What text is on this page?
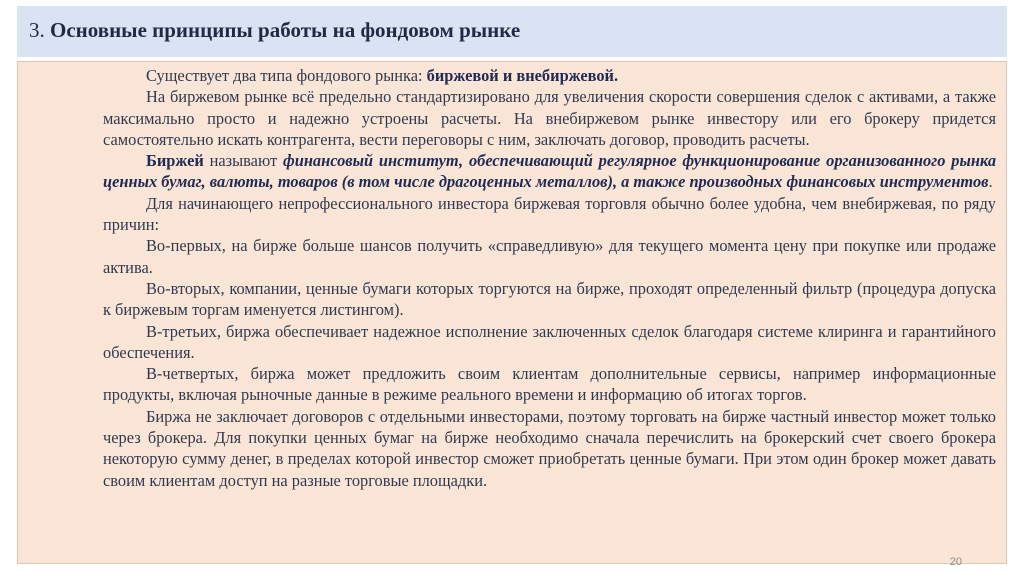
3. Основные принципы работы на фондовом рынке

Существует два типа фондового рынка: биржевой и внебиржевой.

На биржевом рынке всё предельно стандартизировано для увеличения скорости совершения сделок с активами, а также максимально просто и надежно устроены расчеты. На внебиржевом рынке инвестору или его брокеру придется самостоятельно искать контрагента, вести переговоры с ним, заключать договор, проводить расчеты.

Биржей называют финансовый институт, обеспечивающий регулярное функционирование организованного рынка ценных бумаг, валюты, товаров (в том числе драгоценных металлов), а также производных финансовых инструментов.

Для начинающего непрофессионального инвестора биржевая торговля обычно более удобна, чем внебиржевая, по ряду причин:

Во-первых, на бирже больше шансов получить «справедливую» для текущего момента цену при покупке или продаже актива.

Во-вторых, компании, ценные бумаги которых торгуются на бирже, проходят определенный фильтр (процедура допуска к биржевым торгам именуется листингом).

В-третьих, биржа обеспечивает надежное исполнение заключенных сделок благодаря системе клиринга и гарантийного обеспечения.

В-четвертых, биржа может предложить своим клиентам дополнительные сервисы, например информационные продукты, включая рыночные данные в режиме реального времени и информацию об итогах торгов.

Биржа не заключает договоров с отдельными инвесторами, поэтому торговать на бирже частный инвестор может только через брокера. Для покупки ценных бумаг на бирже необходимо сначала перечислить на брокерский счет своего брокера некоторую сумму денег, в пределах которой инвестор сможет приобретать ценные бумаги. При этом один брокер может давать своим клиентам доступ на разные торговые площадки.

20
